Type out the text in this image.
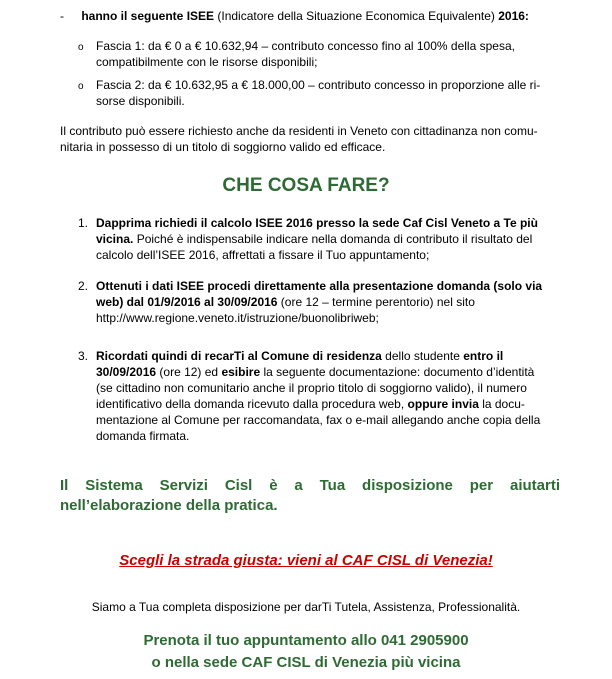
- hanno il seguente ISEE (Indicatore della Situazione Economica Equivalente) 2016:
o Fascia 1: da € 0 a € 10.632,94 – contributo concesso fino al 100% della spesa,
compatibilmente con le risorse disponibili;
o Fascia 2: da € 10.632,95 a € 18.000,00 – contributo concesso in proporzione alle ri-
sorse disponibili.
Il contributo può essere richiesto anche da residenti in Veneto con cittadinanza non comu-
nitaria in possesso di un titolo di soggiorno valido ed efficace.
CHE COSA FARE?
1. Dapprima richiedi il calcolo ISEE 2016 presso la sede Caf Cisl Veneto a Te più
vicina. Poiché è indispensabile indicare nella domanda di contributo il risultato del
calcolo dell’ISEE 2016, affrettati a fissare il Tuo appuntamento;
2. Ottenuti i dati ISEE procedi direttamente alla presentazione domanda (solo via
web) dal 01/9/2016 al 30/09/2016 (ore 12 – termine perentorio) nel sito
http://www.regione.veneto.it/istruzione/buonolibriweb;
3. Ricordati quindi di recarTi al Comune di residenza dello studente entro il
30/09/2016 (ore 12) ed esibire la seguente documentazione: documento d’identità
(se cittadino non comunitario anche il proprio titolo di soggiorno valido), il numero
identificativo della domanda ricevuto dalla procedura web, oppure invia la docu-
mentazione al Comune per raccomandata, fax o e-mail allegando anche copia della
domanda firmata.
Il Sistema Servizi Cisl è a Tua disposizione per aiutarti
nell’elaborazione della pratica.
Scegli la strada giusta: vieni al CAF CISL di Venezia!
Siamo a Tua completa disposizione per darTi Tutela, Assistenza, Professionalità.
Prenota il tuo appuntamento allo 041 2905900
o nella sede CAF CISL di Venezia più vicina
